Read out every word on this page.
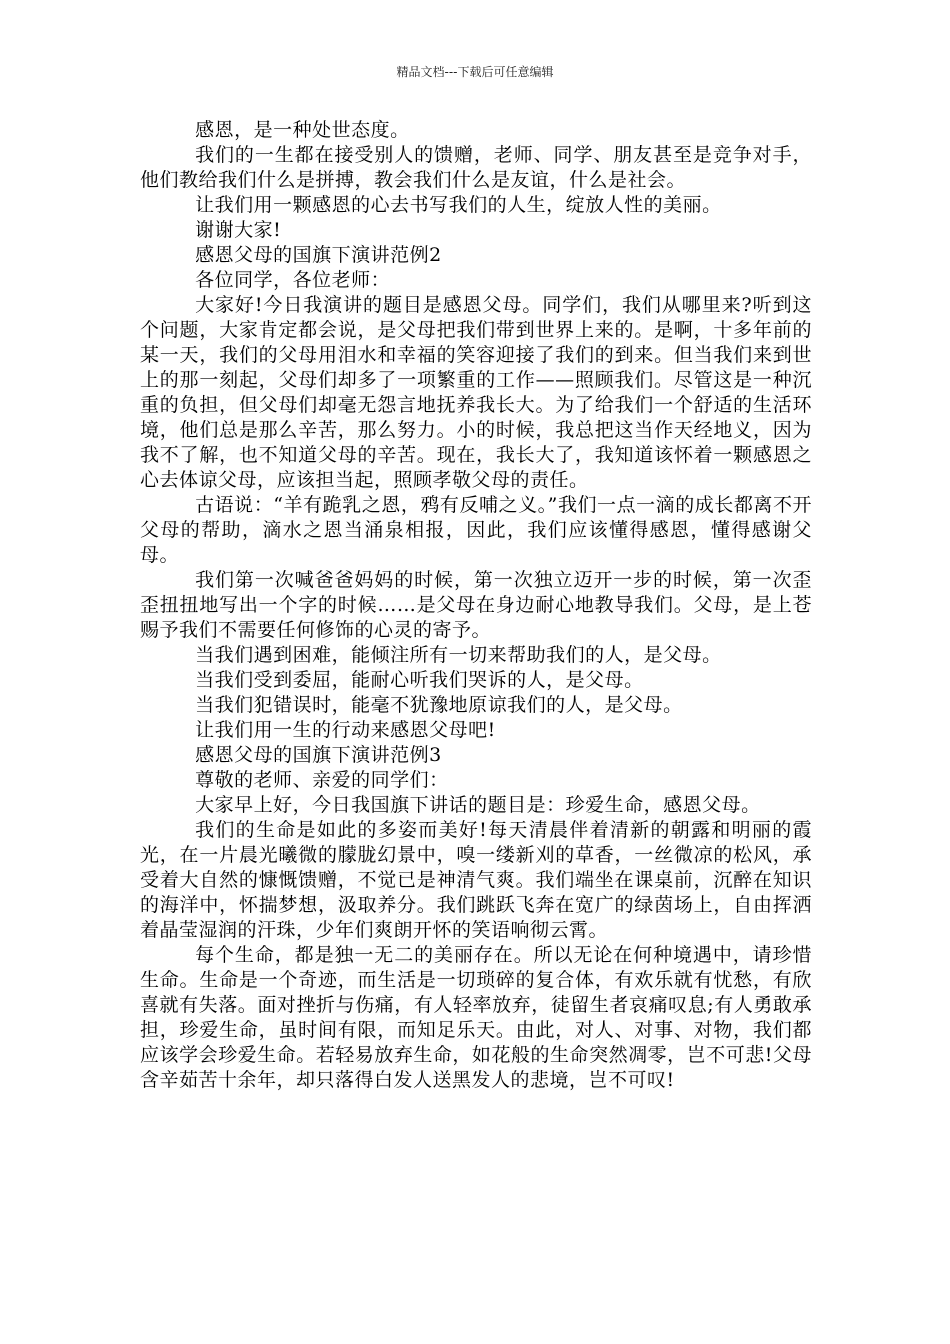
精品文档---下载后可任意编辑

感恩，是一种处世态度。

我们的一生都在接受别人的馈赠，老师、同学、朋友甚至是竞争对手，他们教给我们什么是拼搏，教会我们什么是友谊，什么是社会。

让我们用一颗感恩的心去书写我们的人生，绽放人性的美丽。

谢谢大家!

感恩父母的国旗下演讲范例2

各位同学，各位老师：

大家好!今日我演讲的题目是感恩父母。同学们，我们从哪里来?听到这个问题，大家肯定都会说，是父母把我们带到世界上来的。是啊，十多年前的某一天，我们的父母用泪水和幸福的笑容迎接了我们的到来。但当我们来到世上的那一刻起，父母们却多了一项繁重的工作——照顾我们。尽管这是一种沉重的负担，但父母们却毫无怨言地抚养我长大。为了给我们一个舒适的生活环境，他们总是那么辛苦，那么努力。小的时候，我总把这当作天经地义，因为我不了解，也不知道父母的辛苦。现在，我长大了，我知道该怀着一颗感恩之心去体谅父母，应该担当起，照顾孝敬父母的责任。

古语说：“羊有跪乳之恩，鸦有反哺之义。”我们一点一滴的成长都离不开父母的帮助，滴水之恩当涌泉相报，因此，我们应该懂得感恩，懂得感谢父母。

我们第一次喊爸爸妈妈的时候，第一次独立迈开一步的时候，第一次歪歪扭扭地写出一个字的时候……是父母在身边耐心地教导我们。父母，是上苍赐予我们不需要任何修饰的心灵的寄予。

当我们遇到困难，能倾注所有一切来帮助我们的人，是父母。

当我们受到委屈，能耐心听我们哭诉的人，是父母。

当我们犯错误时，能毫不犹豫地原谅我们的人，是父母。

让我们用一生的行动来感恩父母吧!

感恩父母的国旗下演讲范例3

尊敬的老师、亲爱的同学们：

大家早上好，今日我国旗下讲话的题目是：珍爱生命，感恩父母。

我们的生命是如此的多姿而美好!每天清晨伴着清新的朝露和明丽的霞光，在一片晨光曦微的朦胧幻景中，嗅一缕新刈的草香，一丝微凉的松风，承受着大自然的慷慨馈赠，不觉已是神清气爽。我们端坐在课桌前，沉醉在知识的海洋中，怀揣梦想，汲取养分。我们跳跃飞奔在宽广的绿茵场上，自由挥洒着晶莹湿润的汗珠，少年们爽朗开怀的笑语响彻云霄。

每个生命，都是独一无二的美丽存在。所以无论在何种境遇中，请珍惜生命。生命是一个奇迹，而生活是一切琐碎的复合体，有欢乐就有忧愁，有欣喜就有失落。面对挫折与伤痛，有人轻率放弃，徒留生者哀痛叹息;有人勇敢承担，珍爱生命，虽时间有限，而知足乐天。由此，对人、对事、对物，我们都应该学会珍爱生命。若轻易放弃生命，如花般的生命突然凋零，岂不可悲!父母含辛茹苦十余年，却只落得白发人送黑发人的悲境，岂不可叹!
